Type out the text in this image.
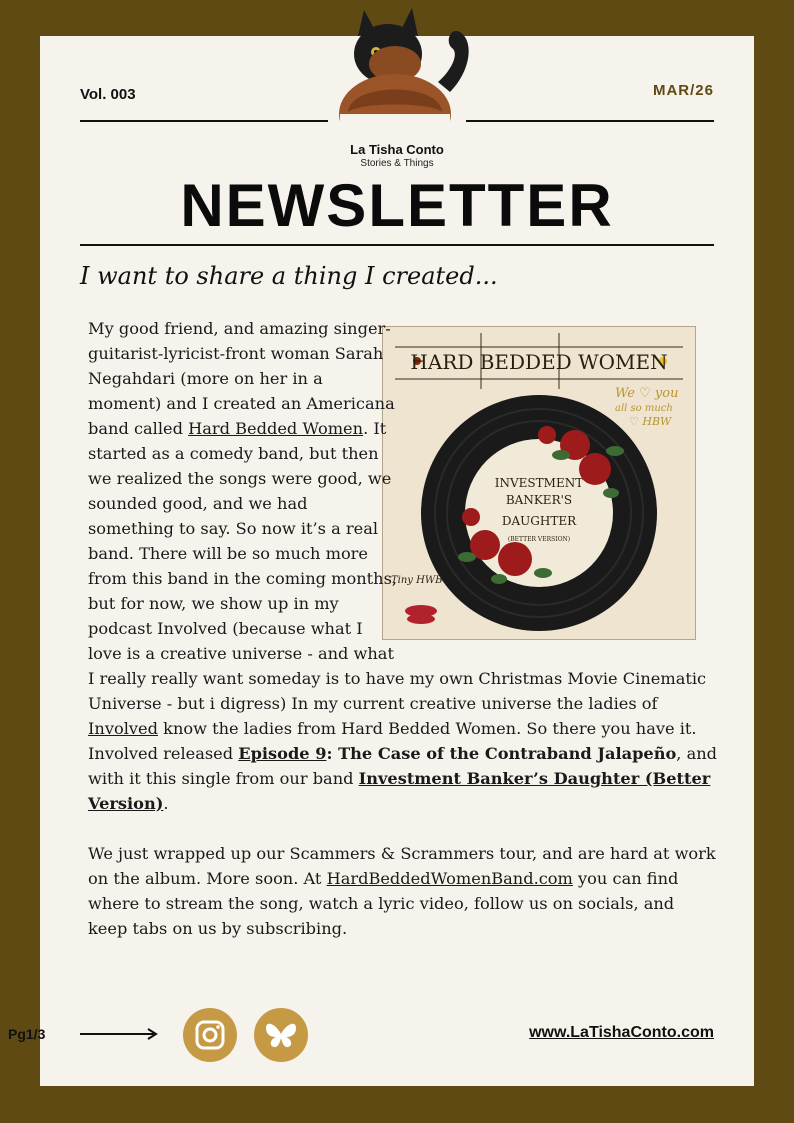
Vol. 003	MAR/26
La Tisha Conto
Stories & Things
NEWSLETTER
I want to share a thing I created...
HARD BEDDED WOMEN
We ♡ you
all so much
♡ HBW
INVESTMENT
BANKER'S
DAUGHTER
(BETTER VERSION)
Tiny HWB

My good friend, and amazing singer-guitarist-lyricist-front woman Sarah Negahdari (more on her in a moment) and I created an Americana band called Hard Bedded Women. It started as a comedy band, but then we realized the songs were good, we sounded good, and we had something to say. So now it’s a real band. There will be so much more from this band in the coming months, but for now, we show up in my podcast Involved (because what I love is a creative universe - and what I really really want someday is to have my own Christmas Movie Cinematic Universe - but i digress) In my current creative universe the ladies of Involved know the ladies from Hard Bedded Women. So there you have it. Involved released Episode 9: The Case of the Contraband Jalapeño, and with it this single from our band Investment Banker’s Daughter (Better Version).

We just wrapped up our Scammers & Scrammers tour, and are hard at work on the album. More soon. At HardBeddedWomenBand.com you can find where to stream the song, watch a lyric video, follow us on socials, and keep tabs on us by subscribing.

www.LaTishaConto.com
Pg1/3
